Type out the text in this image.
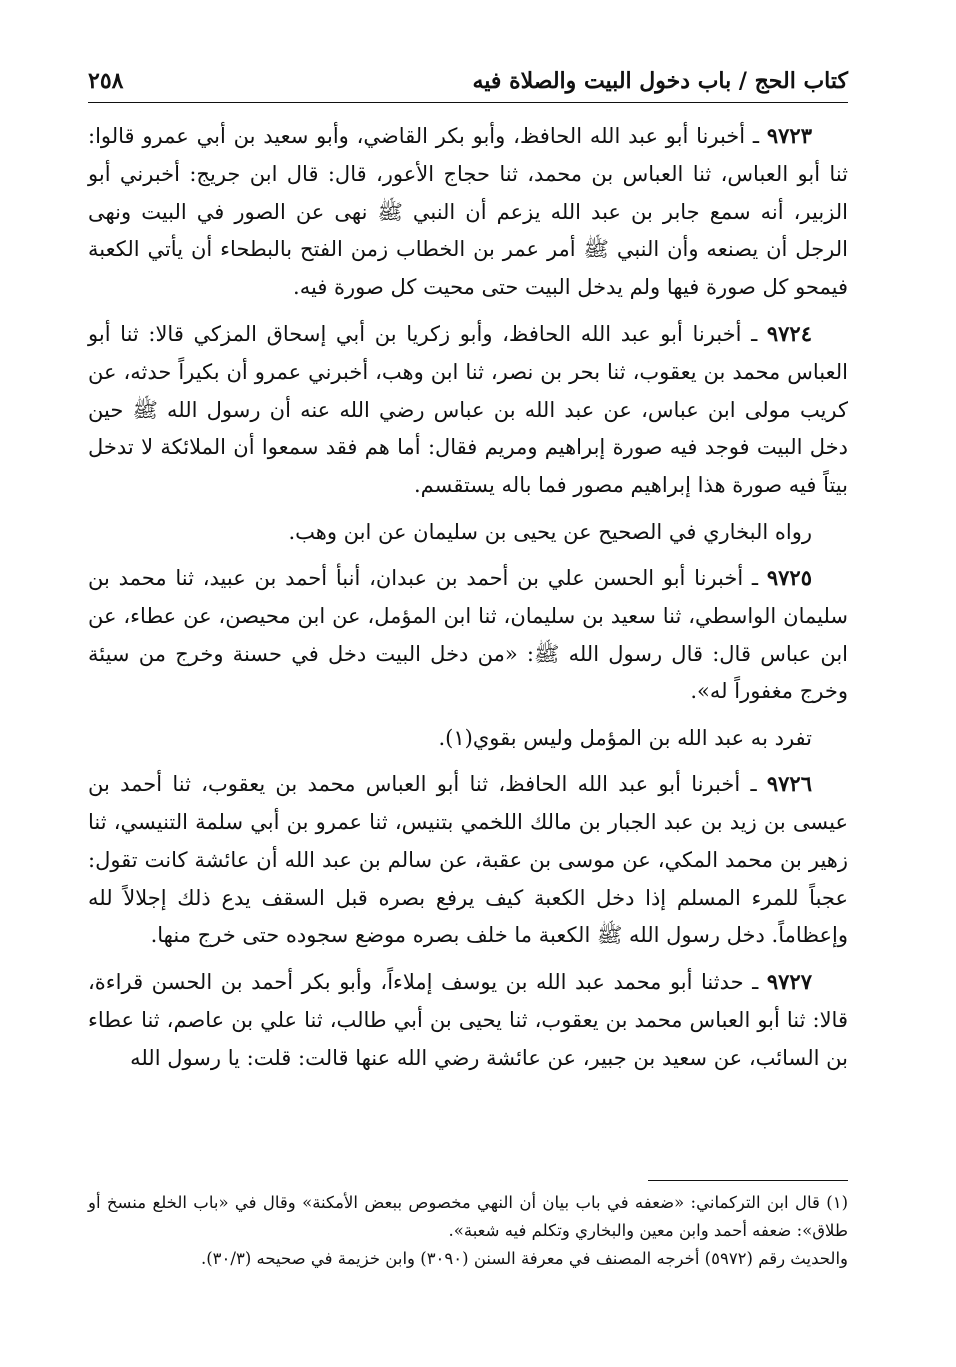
كتاب الحج / باب دخول البيت والصلاة فيه
٢٥٨

٩٧٢٣ ـ أخبرنا أبو عبد الله الحافظ، وأبو بكر القاضي، وأبو سعيد بن أبي عمرو قالوا: ثنا أبو العباس، ثنا العباس بن محمد، ثنا حجاج الأعور، قال: قال ابن جريج: أخبرني أبو الزبير، أنه سمع جابر بن عبد الله يزعم أن النبي ﷺ نهى عن الصور في البيت ونهى الرجل أن يصنعه وأن النبي ﷺ أمر عمر بن الخطاب زمن الفتح بالبطحاء أن يأتي الكعبة فيمحو كل صورة فيها ولم يدخل البيت حتى محيت كل صورة فيه.

٩٧٢٤ ـ أخبرنا أبو عبد الله الحافظ، وأبو زكريا بن أبي إسحاق المزكي قالا: ثنا أبو العباس محمد بن يعقوب، ثنا بحر بن نصر، ثنا ابن وهب، أخبرني عمرو أن بكيراً حدثه، عن كريب مولى ابن عباس، عن عبد الله بن عباس رضي الله عنه أن رسول الله ﷺ حين دخل البيت فوجد فيه صورة إبراهيم ومريم فقال: أما هم فقد سمعوا أن الملائكة لا تدخل بيتاً فيه صورة هذا إبراهيم مصور فما باله يستقسم.

رواه البخاري في الصحيح عن يحيى بن سليمان عن ابن وهب.

٩٧٢٥ ـ أخبرنا أبو الحسن علي بن أحمد بن عبدان، أنبأ أحمد بن عبيد، ثنا محمد بن سليمان الواسطي، ثنا سعيد بن سليمان، ثنا ابن المؤمل، عن ابن محيصن، عن عطاء، عن ابن عباس قال: قال رسول الله ﷺ: «من دخل البيت دخل في حسنة وخرج من سيئة وخرج مغفوراً له».

تفرد به عبد الله بن المؤمل وليس بقوي(١).

٩٧٢٦ ـ أخبرنا أبو عبد الله الحافظ، ثنا أبو العباس محمد بن يعقوب، ثنا أحمد بن عيسى بن زيد بن عبد الجبار بن مالك اللخمي بتنيس، ثنا عمرو بن أبي سلمة التنيسي، ثنا زهير بن محمد المكي، عن موسى بن عقبة، عن سالم بن عبد الله أن عائشة كانت تقول: عجباً للمرء المسلم إذا دخل الكعبة كيف يرفع بصره قبل السقف يدع ذلك إجلالاً لله وإعظاماً. دخل رسول الله ﷺ الكعبة ما خلف بصره موضع سجوده حتى خرج منها.

٩٧٢٧ ـ حدثنا أبو محمد عبد الله بن يوسف إملاءاً، وأبو بكر أحمد بن الحسن قراءة، قالا: ثنا أبو العباس محمد بن يعقوب، ثنا يحيى بن أبي طالب، ثنا علي بن عاصم، ثنا عطاء بن السائب، عن سعيد بن جبير، عن عائشة رضي الله عنها قالت: قلت: يا رسول الله

(١) قال ابن التركماني: «ضعفه في باب بيان أن النهي مخصوص ببعض الأمكنة» وقال في «باب الخلع منسخ أو طلاق»: ضعفه أحمد وابن معين والبخاري وتكلم فيه شعبة».

والحديث رقم (٥٩٧٢) أخرجه المصنف في معرفة السنن (٣٠٩٠) وابن خزيمة في صحيحه (٣٠/٣).
